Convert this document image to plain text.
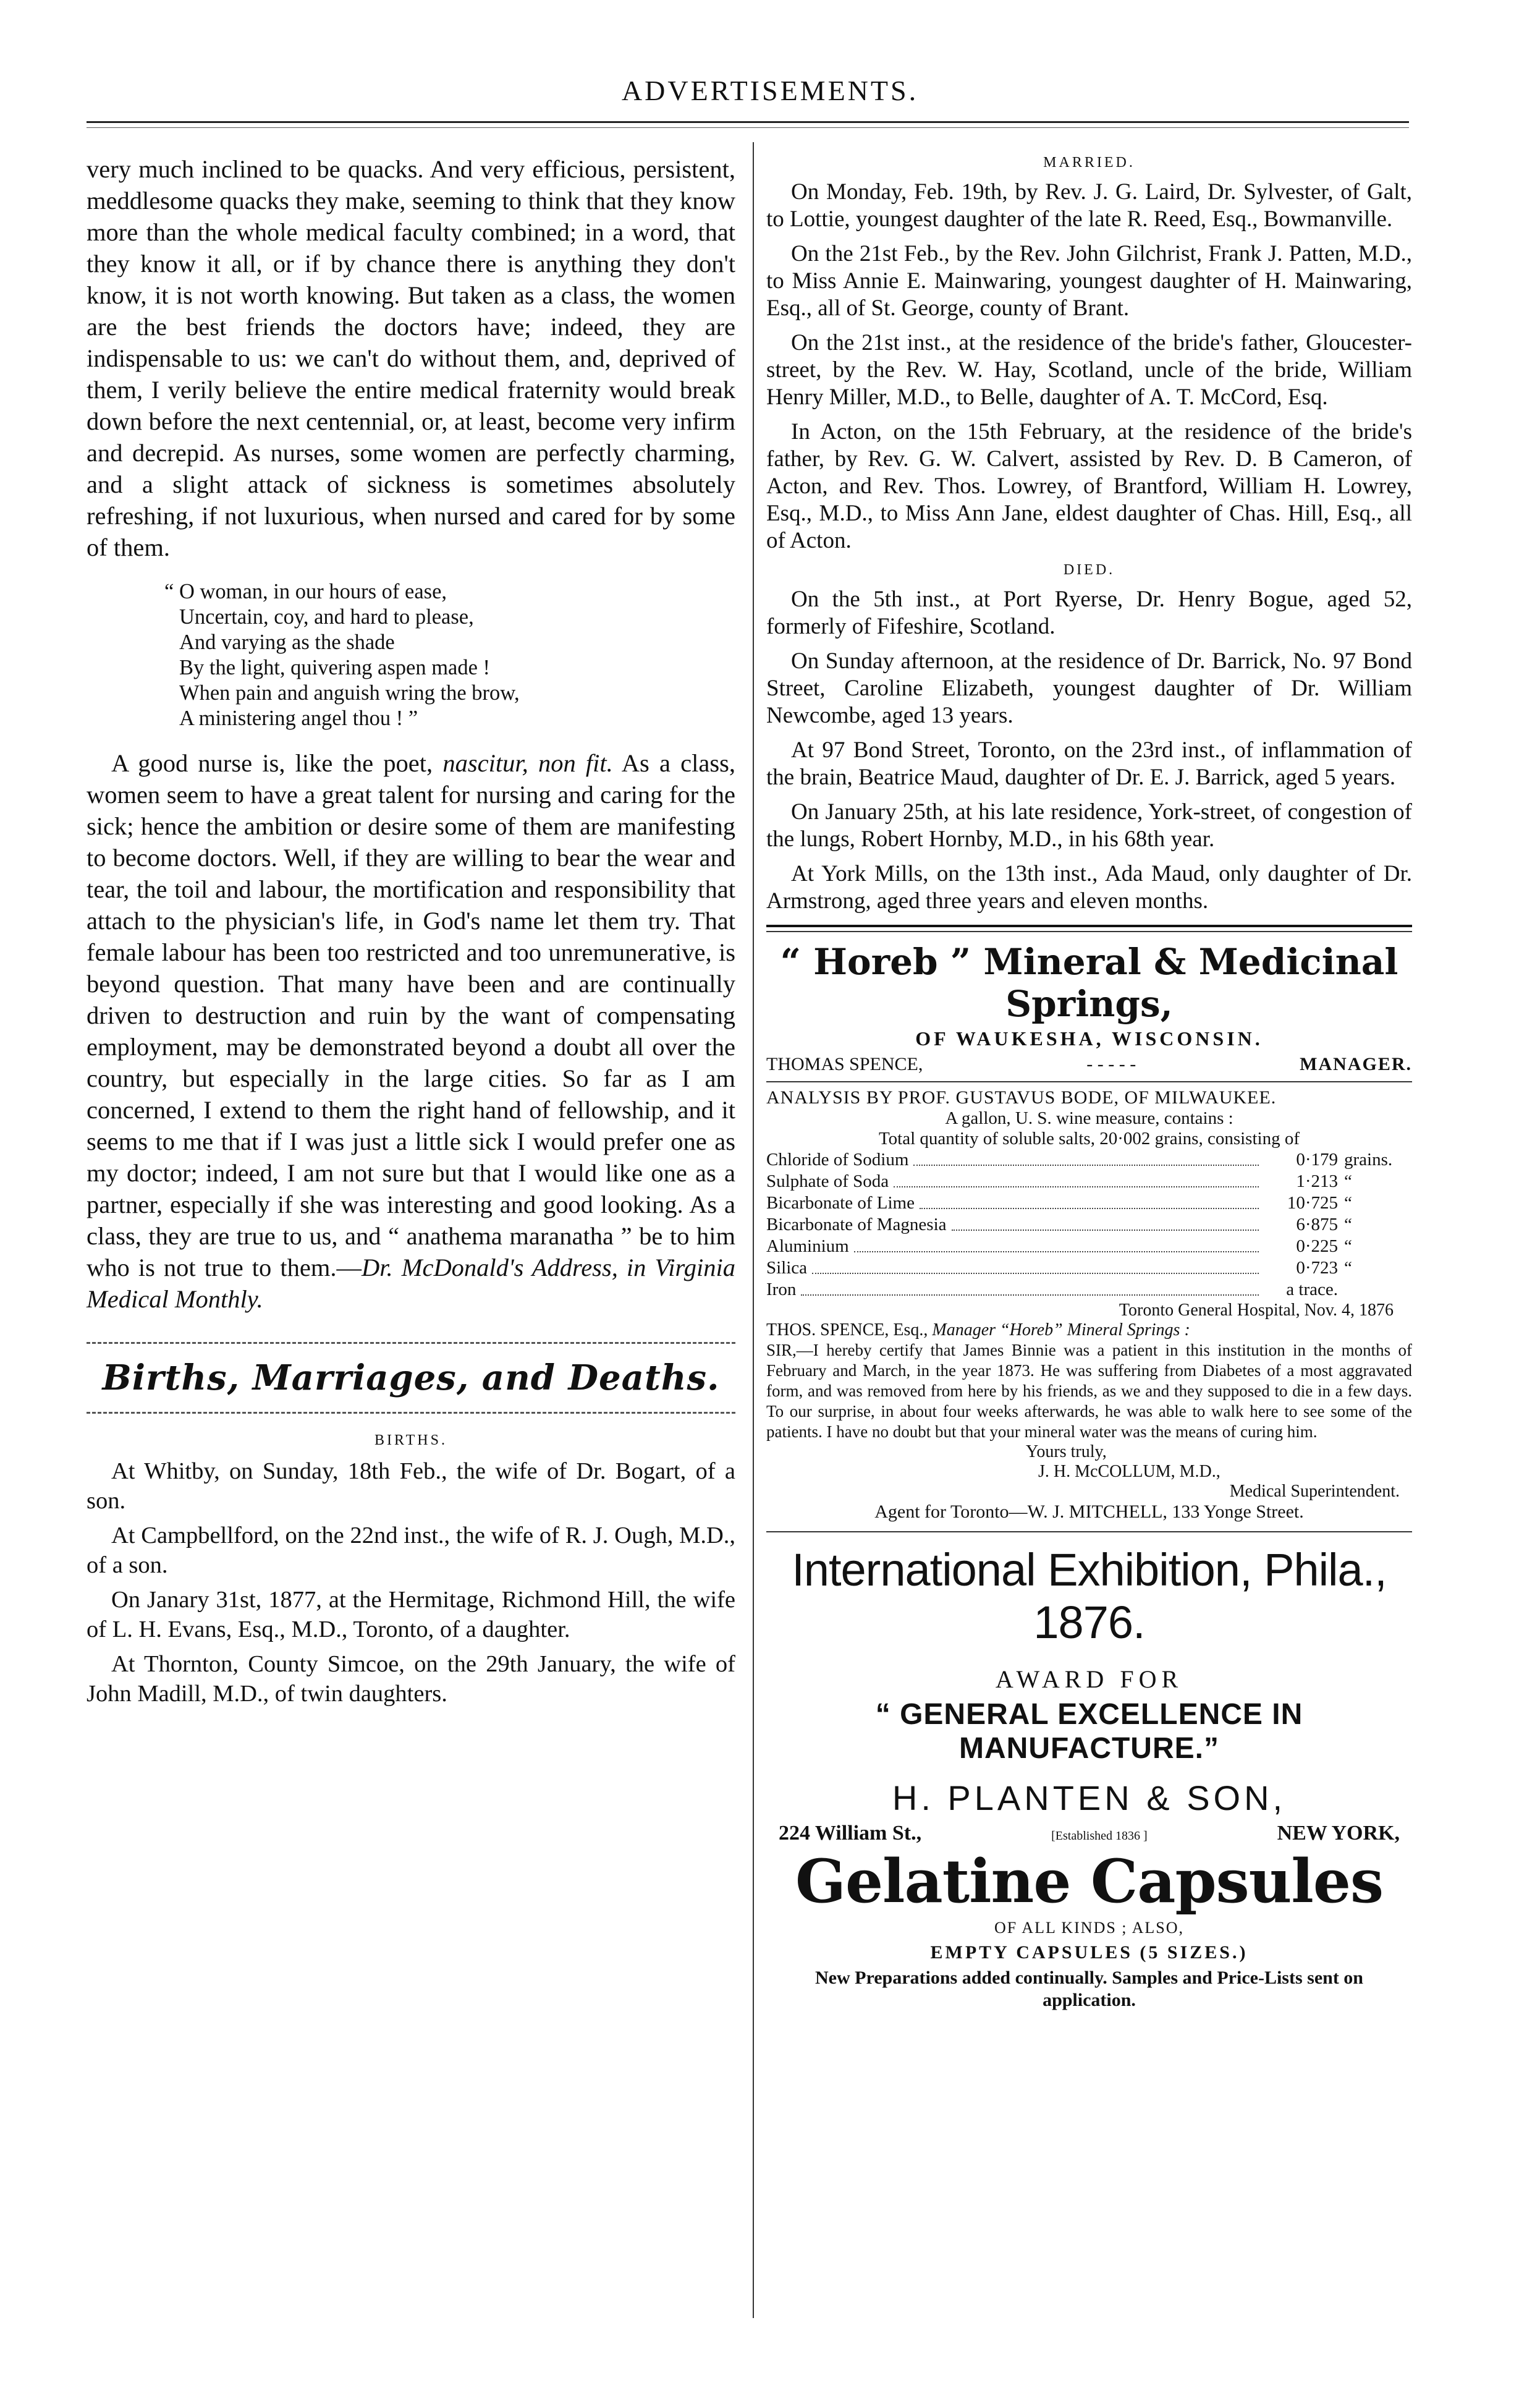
ADVERTISEMENTS.

very much inclined to be quacks. And very efficious, persistent, meddlesome quacks they make, seeming to think that they know more than the whole medical faculty combined; in a word, that they know it all, or if by chance there is anything they don't know, it is not worth knowing. But taken as a class, the women are the best friends the doctors have; indeed, they are indispensable to us: we can't do without them, and, deprived of them, I verily believe the entire medical fraternity would break down before the next centennial, or, at least, become very infirm and decrepid. As nurses, some women are perfectly charming, and a slight attack of sickness is sometimes absolutely refreshing, if not luxurious, when nursed and cared for by some of them.

“ O woman, in our hours of ease,
Uncertain, coy, and hard to please,
And varying as the shade
By the light, quivering aspen made !
When pain and anguish wring the brow,
A ministering angel thou ! ”

A good nurse is, like the poet, nascitur, non fit. As a class, women seem to have a great talent for nursing and caring for the sick; hence the ambition or desire some of them are manifesting to become doctors. Well, if they are willing to bear the wear and tear, the toil and labour, the mortification and responsibility that attach to the physician's life, in God's name let them try. That female labour has been too restricted and too unremunerative, is beyond question. That many have been and are continually driven to destruction and ruin by the want of compensating employment, may be demonstrated beyond a doubt all over the country, but especially in the large cities. So far as I am concerned, I extend to them the right hand of fellowship, and it seems to me that if I was just a little sick I would prefer one as my doctor; indeed, I am not sure but that I would like one as a partner, especially if she was interesting and good looking. As a class, they are true to us, and “ anathema maranatha ” be to him who is not true to them.—Dr. McDonald's Address, in Virginia Medical Monthly.

Births, Marriages, and Deaths.
BIRTHS.

At Whitby, on Sunday, 18th Feb., the wife of Dr. Bogart, of a son.

At Campbellford, on the 22nd inst., the wife of R. J. Ough, M.D., of a son.

On Janary 31st, 1877, at the Hermitage, Richmond Hill, the wife of L. H. Evans, Esq., M.D., Toronto, of a daughter.

At Thornton, County Simcoe, on the 29th January, the wife of John Madill, M.D., of twin daughters.

MARRIED.

On Monday, Feb. 19th, by Rev. J. G. Laird, Dr. Sylvester, of Galt, to Lottie, youngest daughter of the late R. Reed, Esq., Bowmanville.

On the 21st Feb., by the Rev. John Gilchrist, Frank J. Patten, M.D., to Miss Annie E. Mainwaring, youngest daughter of H. Mainwaring, Esq., all of St. George, county of Brant.

On the 21st inst., at the residence of the bride's father, Gloucester-street, by the Rev. W. Hay, Scotland, uncle of the bride, William Henry Miller, M.D., to Belle, daughter of A. T. McCord, Esq.

In Acton, on the 15th February, at the residence of the bride's father, by Rev. G. W. Calvert, assisted by Rev. D. B Cameron, of Acton, and Rev. Thos. Lowrey, of Brantford, William H. Lowrey, Esq., M.D., to Miss Ann Jane, eldest daughter of Chas. Hill, Esq., all of Acton.

DIED.

On the 5th inst., at Port Ryerse, Dr. Henry Bogue, aged 52, formerly of Fifeshire, Scotland.

On Sunday afternoon, at the residence of Dr. Barrick, No. 97 Bond Street, Caroline Elizabeth, youngest daughter of Dr. William Newcombe, aged 13 years.

At 97 Bond Street, Toronto, on the 23rd inst., of inflammation of the brain, Beatrice Maud, daughter of Dr. E. J. Barrick, aged 5 years.

On January 25th, at his late residence, York-street, of congestion of the lungs, Robert Hornby, M.D., in his 68th year.

At York Mills, on the 13th inst., Ada Maud, only daughter of Dr. Armstrong, aged three years and eleven months.

“ Horeb ” Mineral & Medicinal Springs,
OF WAUKESHA, WISCONSIN.
THOMAS SPENCE,	- - - - -	MANAGER.
ANALYSIS BY PROF. GUSTAVUS BODE, OF MILWAUKEE.
A gallon, U. S. wine measure, contains :
Total quantity of soluble salts, 20·002 grains, consisting of
Chloride of Sodium	0·179 grains.
Sulphate of Soda	1·213 “
Bicarbonate of Lime	10·725 “
Bicarbonate of Magnesia	6·875 “
Aluminium	0·225 “
Silica	0·723 “
Iron	a trace.
Toronto General Hospital, Nov. 4, 1876
THOS. SPENCE, Esq., Manager “Horeb” Mineral Springs :

SIR,—I hereby certify that James Binnie was a patient in this institution in the months of February and March, in the year 1873. He was suffering from Diabetes of a most aggravated form, and was removed from here by his friends, as we and they supposed to die in a few days. To our surprise, in about four weeks afterwards, he was able to walk here to see some of the patients. I have no doubt but that your mineral water was the means of curing him.

Yours truly,
J. H. McCOLLUM, M.D.,
Medical Superintendent.
Agent for Toronto—W. J. MITCHELL, 133 Yonge Street.
International Exhibition, Phila., 1876.
AWARD FOR
“ GENERAL EXCELLENCE IN MANUFACTURE.”
H. PLANTEN & SON,
224 William St.,	[Established 1836 ]	NEW YORK,
Gelatine Capsules
OF ALL KINDS ; ALSO,
EMPTY CAPSULES (5 SIZES.)
New Preparations added continually. Samples and Price-Lists sent on application.
